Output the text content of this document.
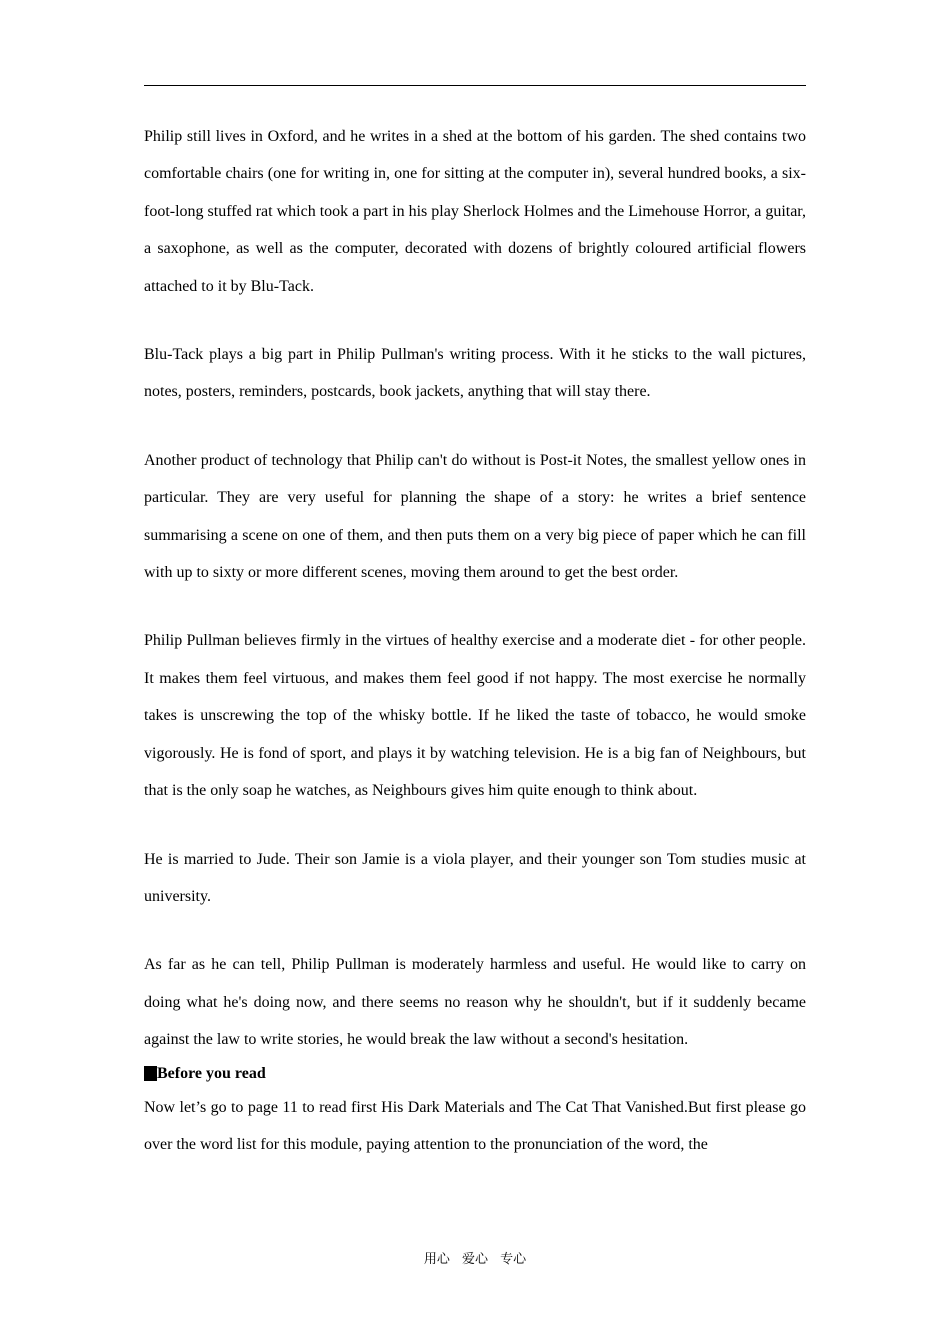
Philip still lives in Oxford, and he writes in a shed at the bottom of his garden. The shed contains two comfortable chairs (one for writing in, one for sitting at the computer in), several hundred books, a six-foot-long stuffed rat which took a part in his play Sherlock Holmes and the Limehouse Horror, a guitar, a saxophone, as well as the computer, decorated with dozens of brightly coloured artificial flowers attached to it by Blu-Tack.

Blu-Tack plays a big part in Philip Pullman's writing process. With it he sticks to the wall pictures, notes, posters, reminders, postcards, book jackets, anything that will stay there.

Another product of technology that Philip can't do without is Post-it Notes, the smallest yellow ones in particular. They are very useful for planning the shape of a story: he writes a brief sentence summarising a scene on one of them, and then puts them on a very big piece of paper which he can fill with up to sixty or more different scenes, moving them around to get the best order.

Philip Pullman believes firmly in the virtues of healthy exercise and a moderate diet - for other people. It makes them feel virtuous, and makes them feel good if not happy. The most exercise he normally takes is unscrewing the top of the whisky bottle. If he liked the taste of tobacco, he would smoke vigorously. He is fond of sport, and plays it by watching television. He is a big fan of Neighbours, but that is the only soap he watches, as Neighbours gives him quite enough to think about.

He is married to Jude. Their son Jamie is a viola player, and their younger son Tom studies music at university.

As far as he can tell, Philip Pullman is moderately harmless and useful. He would like to carry on doing what he's doing now, and there seems no reason why he shouldn't, but if it suddenly became against the law to write stories, he would break the law without a second's hesitation.

Before you read

Now let’s go to page 11 to read first His Dark Materials and The Cat That Vanished.But first please go over the word list for this module, paying attention to the pronunciation of the word, the

用心 爱心 专心
